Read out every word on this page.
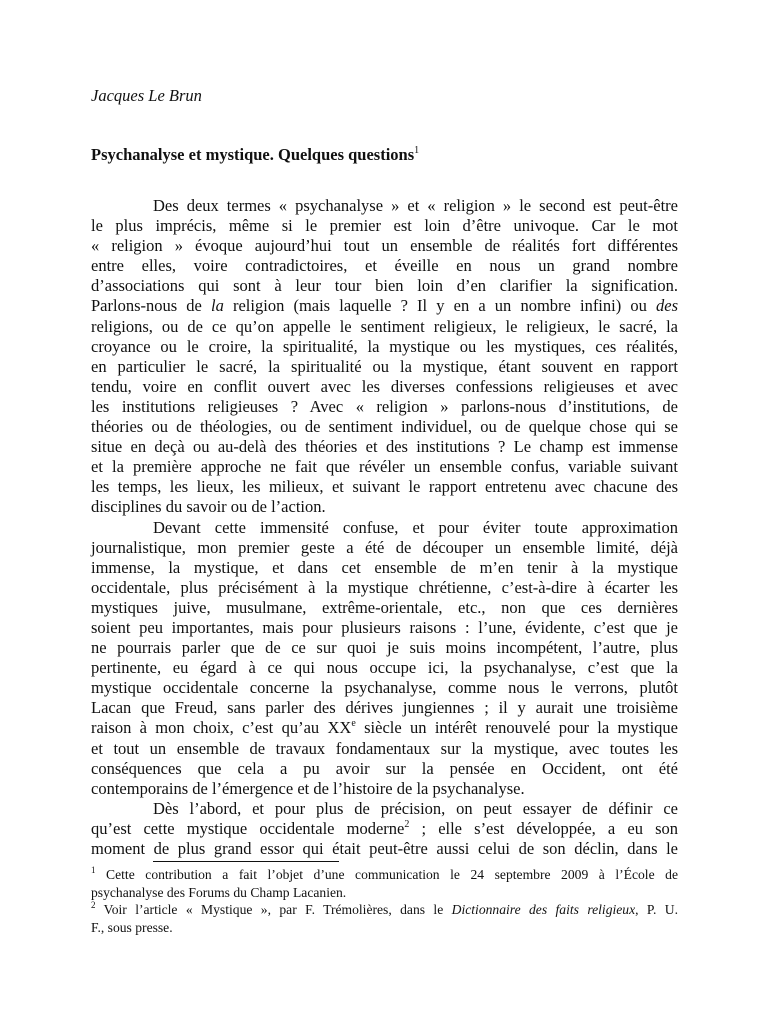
Jacques Le Brun
Psychanalyse et mystique. Quelques questions$^1$
Des deux termes « psychanalyse » et « religion » le second est peut-être
le plus imprécis, même si le premier est loin d’être univoque. Car le mot
« religion » évoque aujourd’hui tout un ensemble de réalités fort différentes
entre elles, voire contradictoires, et éveille en nous un grand nombre
d’associations qui sont à leur tour bien loin d’en clarifier la signification.
Parlons-nous de la religion (mais laquelle ? Il y en a un nombre infini) ou des
religions, ou de ce qu’on appelle le sentiment religieux, le religieux, le sacré, la
croyance ou le croire, la spiritualité, la mystique ou les mystiques, ces réalités,
en particulier le sacré, la spiritualité ou la mystique, étant souvent en rapport
tendu, voire en conflit ouvert avec les diverses confessions religieuses et avec
les institutions religieuses ? Avec « religion » parlons-nous d’institutions, de
théories ou de théologies, ou de sentiment individuel, ou de quelque chose qui se
situe en deçà ou au-delà des théories et des institutions ? Le champ est immense
et la première approche ne fait que révéler un ensemble confus, variable suivant
les temps, les lieux, les milieux, et suivant le rapport entretenu avec chacune des
disciplines du savoir ou de l’action.
Devant cette immensité confuse, et pour éviter toute approximation
journalistique, mon premier geste a été de découper un ensemble limité, déjà
immense, la mystique, et dans cet ensemble de m’en tenir à la mystique
occidentale, plus précisément à la mystique chrétienne, c’est-à-dire à écarter les
mystiques juive, musulmane, extrême-orientale, etc., non que ces dernières
soient peu importantes, mais pour plusieurs raisons : l’une, évidente, c’est que je
ne pourrais parler que de ce sur quoi je suis moins incompétent, l’autre, plus
pertinente, eu égard à ce qui nous occupe ici, la psychanalyse, c’est que la
mystique occidentale concerne la psychanalyse, comme nous le verrons, plutôt
Lacan que Freud, sans parler des dérives jungiennes ; il y aurait une troisième
raison à mon choix, c’est qu’au XXe siècle un intérêt renouvelé pour la mystique
et tout un ensemble de travaux fondamentaux sur la mystique, avec toutes les
conséquences que cela a pu avoir sur la pensée en Occident, ont été
contemporains de l’émergence et de l’histoire de la psychanalyse.
Dès l’abord, et pour plus de précision, on peut essayer de définir ce
qu’est cette mystique occidentale moderne$^2$ ; elle s’est développée, a eu son
moment de plus grand essor qui était peut-être aussi celui de son déclin, dans le
$^1$ Cette contribution a fait l’objet d’une communication le 24 septembre 2009 à l’École de
psychanalyse des Forums du Champ Lacanien.
$^2$ Voir l’article « Mystique », par F. Trémolières, dans le Dictionnaire des faits religieux, P. U.
F., sous presse.
